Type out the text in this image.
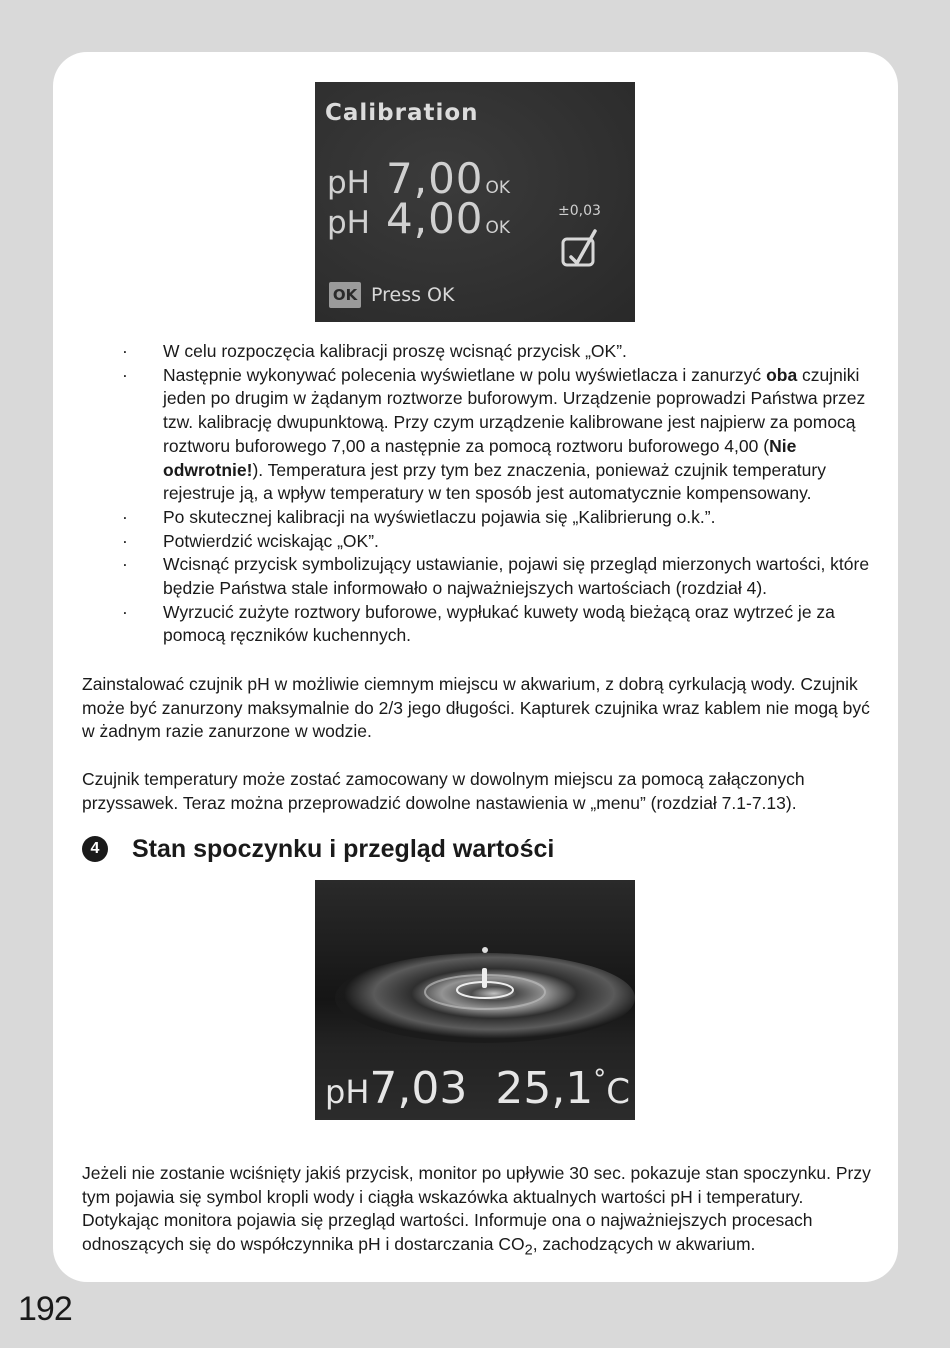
Calibration
pH 7,00 OK
pH 4,00 OK
±0,03
OK Press OK
· W celu rozpoczęcia kalibracji proszę wcisnąć przycisk „OK”.
· Następnie wykonywać polecenia wyświetlane w polu wyświetlacza i zanurzyć oba czujniki jeden po drugim w żądanym roztworze buforowym. Urządzenie poprowadzi Państwa przez tzw. kalibrację dwupunktową. Przy czym urządzenie kalibrowane jest najpierw za pomocą roztworu buforowego 7,00 a następnie za pomocą roztworu buforowego 4,00 (Nie odwrotnie!). Temperatura jest przy tym bez znaczenia, ponieważ czujnik temperatury rejestruje ją, a wpływ temperatury w ten sposób jest automatycznie kompensowany.
· Po skutecznej kalibracji na wyświetlaczu pojawia się „Kalibrierung o.k.”.
· Potwierdzić wciskając „OK”.
· Wcisnąć przycisk symbolizujący ustawianie, pojawi się przegląd mierzonych wartości, które będzie Państwa stale informowało o najważniejszych wartościach (rozdział 4).
· Wyrzucić zużyte roztwory buforowe, wypłukać kuwety wodą bieżącą oraz wytrzeć je za pomocą ręczników kuchennych.

Zainstalować czujnik pH w możliwie ciemnym miejscu w akwarium, z dobrą cyrkulacją wody. Czujnik może być zanurzony maksymalnie do 2/3 jego długości. Kapturek czujnika wraz kablem nie mogą być w żadnym razie zanurzone w wodzie.

Czujnik temperatury może zostać zamocowany w dowolnym miejscu za pomocą załączonych przyssawek. Teraz można przeprowadzić dowolne nastawienia w „menu” (rozdział 7.1-7.13).

4	Stan spoczynku i przegląd wartości
pH7,03 25,1°C

Jeżeli nie zostanie wciśnięty jakiś przycisk, monitor po upływie 30 sec. pokazuje stan spoczynku. Przy tym pojawia się symbol kropli wody i ciągła wskazówka aktualnych wartości pH i temperatury. Dotykając monitora pojawia się przegląd wartości. Informuje ona o najważniejszych procesach odnoszących się do współczynnika pH i dostarczania $CO_2$, zachodzących w akwarium.

192
